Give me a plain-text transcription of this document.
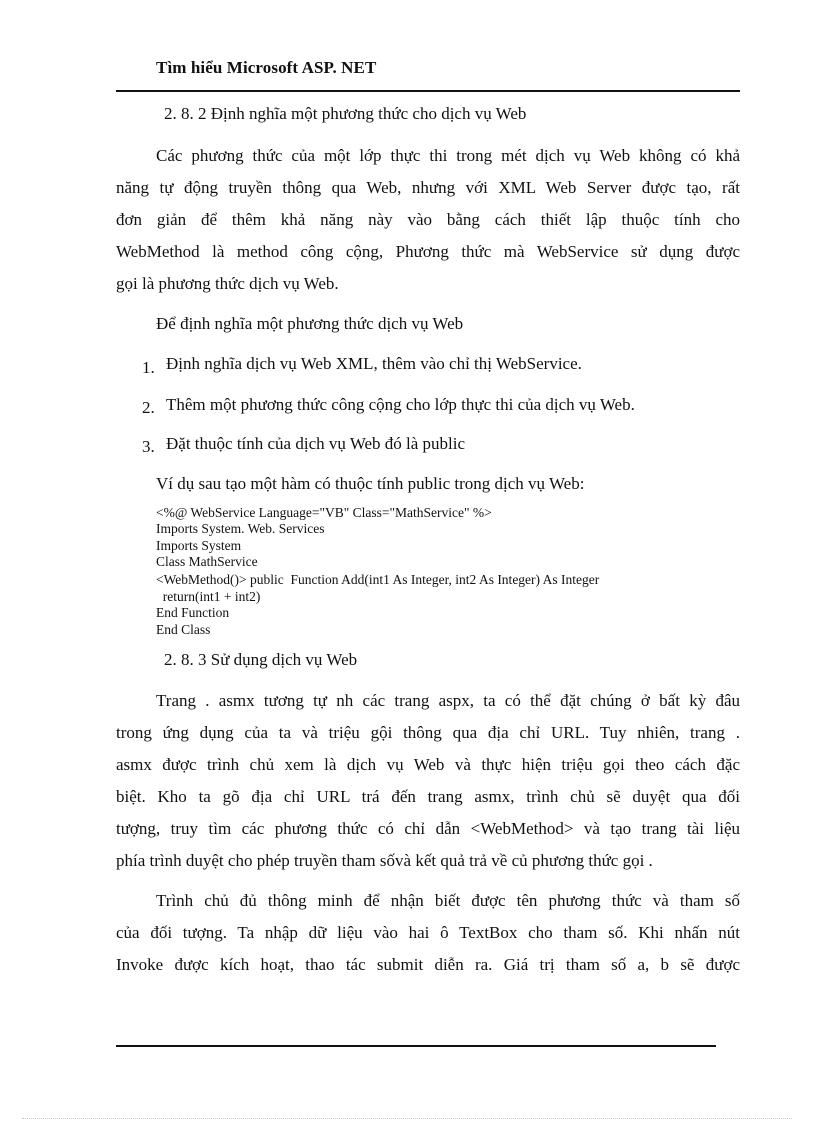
Tìm hiểu Microsoft ASP. NET
2. 8. 2 Định nghĩa một phương thức cho dịch vụ Web
Các phương thức của một lớp thực thi trong mét dịch vụ Web không có khả
năng tự động truyền thông qua Web, nhưng với XML Web Server được tạo, rất
đơn giản để thêm khả năng này vào bằng cách thiết lập thuộc tính cho
WebMethod là method công cộng, Phương thức mà WebService sử dụng được
gọi là phương thức dịch vụ Web.
Để định nghĩa một phương thức dịch vụ Web
1. Định nghĩa dịch vụ Web XML, thêm vào chỉ thị WebService.
2. Thêm một phương thức công cộng cho lớp thực thi của dịch vụ Web.
3. Đặt thuộc tính của dịch vụ Web đó là public
Ví dụ sau tạo một hàm có thuộc tính public trong dịch vụ Web:
<%@ WebService Language="VB" Class="MathService" %>
Imports System. Web. Services
Imports System
Class MathService
<WebMethod()> public  Function Add(int1 As Integer, int2 As Integer) As Integer
return(int1 + int2)
End Function
End Class
2. 8. 3 Sử dụng dịch vụ Web
Trang . asmx tương tự nh các trang aspx, ta có thể đặt chúng ở bất kỳ đâu
trong ứng dụng của ta và triệu gội thông qua địa chỉ URL. Tuy nhiên, trang .
asmx được trình chủ xem là dịch vụ Web và thực hiện triệu gọi theo cách đặc
biệt. Kho ta gõ địa chỉ URL trá đến trang asmx, trình chủ sẽ duyệt qua đối
tượng, truy tìm các phương thức có chỉ dẫn <WebMethod> và tạo trang tài liệu
phía trình duyệt cho phép truyền tham sốvà kết quả trả về củ phương thức gọi .
Trình chủ đủ thông minh để nhận biết được tên phương thức và tham số
của đối tượng. Ta nhập dữ liệu vào hai ô TextBox cho tham số. Khi nhấn nút
Invoke được kích hoạt, thao tác submit diễn ra. Giá trị tham số a, b sẽ được
